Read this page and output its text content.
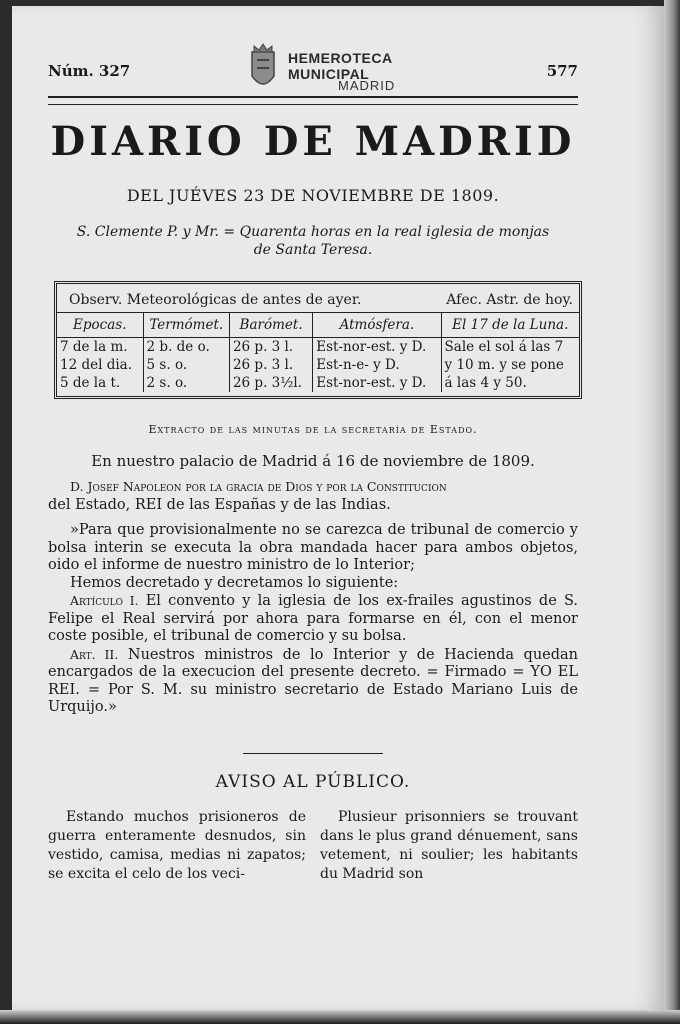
Núm. 327
HEMEROTECA MUNICIPAL
MADRID
577
DIARIO DE MADRID
DEL JUÉVES 23 DE NOVIEMBRE DE 1809.
S. Clemente P. y Mr. = Quarenta horas en la real iglesia de monjas de Santa Teresa.
Observ. Meteorológicas de antes de ayer.	Afec. Astr. de hoy.
Epocas.	Termómet.	Barómet.	Atmósfera.	El 17 de la Luna.
7 de la m.	2 b. de o.	26 p. 3 l.	Est-nor-est. y D.	Sale el sol á las 7
12 del dia.	5 s. o.	26 p. 3 l.	Est-n-e- y D.	y 10 m. y se pone
5 de la t.	2 s. o.	26 p. 3½l.	Est-nor-est. y D.	á las 4 y 50.
Extracto de las minutas de la secretaría de Estado.
En nuestro palacio de Madrid á 16 de noviembre de 1809.

D. Josef Napoleon por la gracia de Dios y por la Constitucion
del Estado, REI de las Españas y de las Indias.

»Para que provisionalmente no se carezca de tribunal de comercio y bolsa interin se executa la obra mandada hacer para ambos objetos, oido el informe de nuestro ministro de lo Interior;

Hemos decretado y decretamos lo siguiente:

Artículo I. El convento y la iglesia de los ex-frailes agustinos de S. Felipe el Real servirá por ahora para formarse en él, con el menor coste posible, el tribunal de comercio y su bolsa.

Art. II. Nuestros ministros de lo Interior y de Hacienda quedan encargados de la execucion del presente decreto. = Firmado = YO EL REI. = Por S. M. su ministro secretario de Estado Mariano Luis de Urquijo.»

AVISO AL PÚBLICO.
Estando muchos prisioneros de guerra enteramente desnudos, sin vestido, camisa, medias ni zapatos; se excita el celo de los veci-
Plusieur prisonniers se trouvant dans le plus grand dénuement, sans vetement, ni soulier; les habitants du Madrid son
